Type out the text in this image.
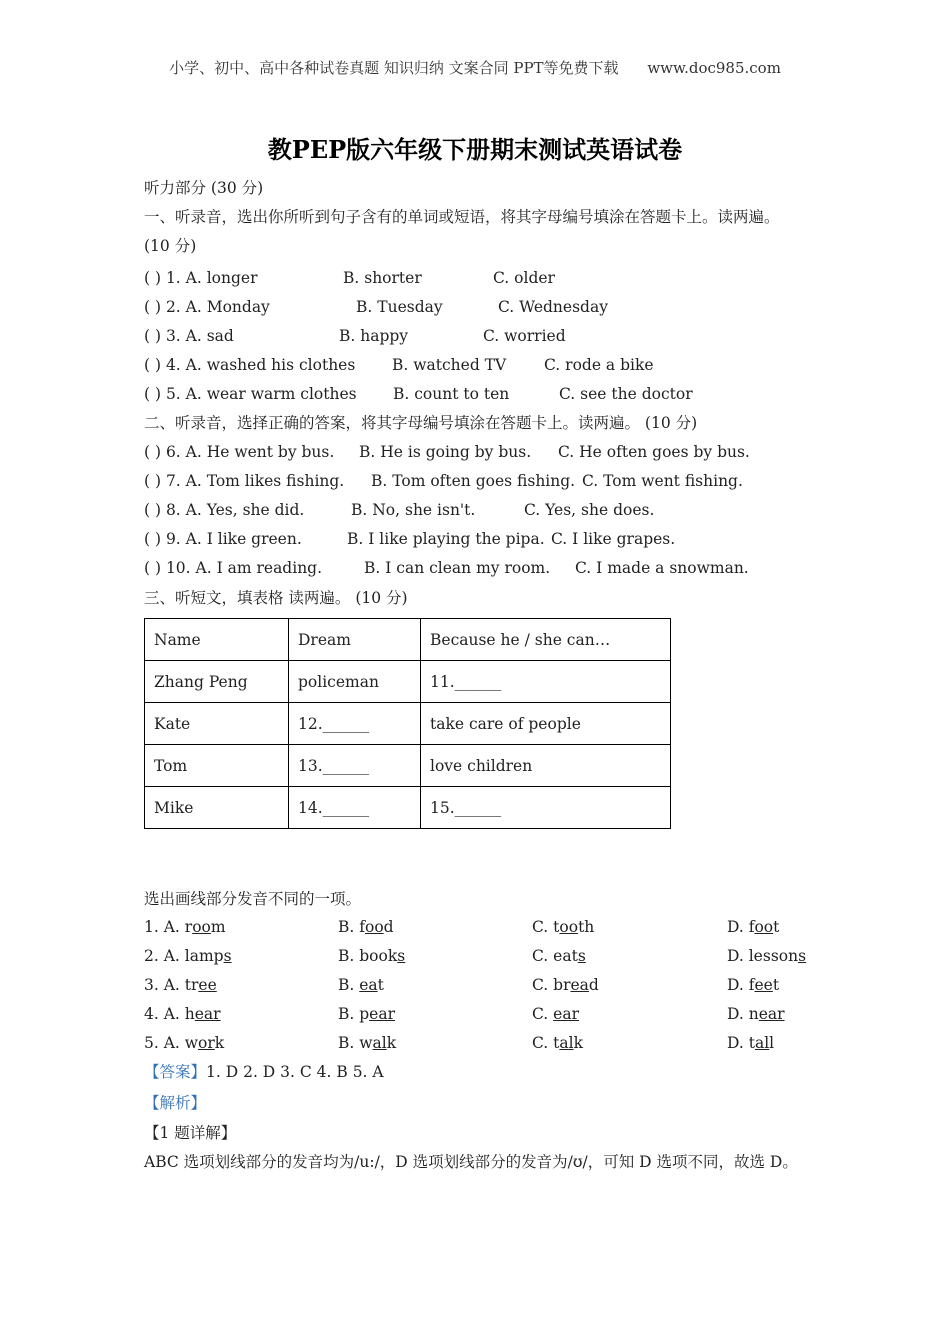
小学、初中、高中各种试卷真题 知识归纳 文案合同 PPT等免费下载 www.doc985.com
教PEP版六年级下册期末测试英语试卷
听力部分 (30 分)
一、听录音，选出你所听到句子含有的单词或短语，将其字母编号填涂在答题卡上。读两遍。 (10 分)
( ) 1. A. longer	B. shorter	C. older
( ) 2. A. Monday	B. Tuesday	C. Wednesday
( ) 3. A. sad	B. happy	C. worried
( ) 4. A. washed his clothes B. watched TV C. rode a bike
( ) 5. A. wear warm clothes B. count to ten	C. see the doctor
二、听录音，选择正确的答案，将其字母编号填涂在答题卡上。读两遍。 (10 分)
( ) 6. A. He went by bus. B. He is going by bus. C. He often goes by bus.
( ) 7. A. Tom likes fishing. B. Tom often goes fishing. C. Tom went fishing.
( ) 8. A. Yes, she did.	B. No, she isn't.	C. Yes, she does.
( ) 9. A. I like green.	B. I like playing the pipa. C. I like grapes.
( ) 10. A. I am reading.	B. I can clean my room. C. I made a snowman.
三、听短文，填表格 读两遍。 (10 分)
Name	Dream	Because he / she can…
Zhang Peng	policeman	11.______
Kate	12.______	take care of people
Tom	13.______	love children
Mike	14.______	15.______
选出画线部分发音不同的一项。
1. A. room	B. food	C. tooth	D. foot
2. A. lamps	B. books	C. eats	D. lessons
3. A. tree	B. eat	C. bread	D. feet
4. A. hear	B. pear	C. ear	D. near
5. A. work	B. walk	C. talk	D. tall
【答案】1. D 2. D 3. C 4. B 5. A
【解析】
【1 题详解】
ABC 选项划线部分的发音均为/u:/，D 选项划线部分的发音为/ʊ/，可知 D 选项不同，故选 D。
